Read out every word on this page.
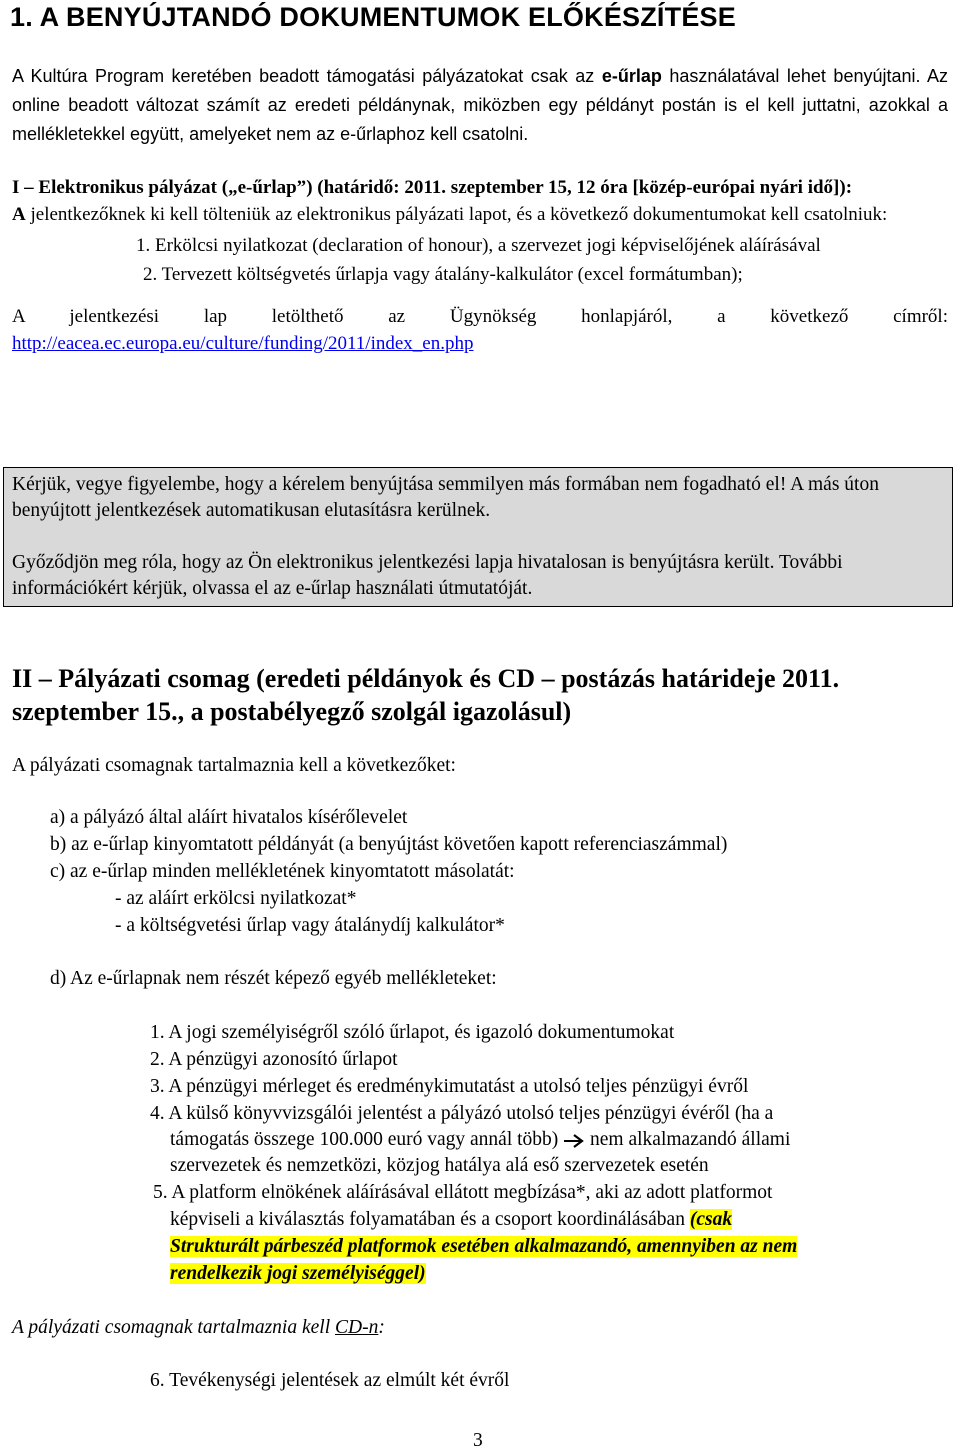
1. A BENYÚJTANDÓ DOKUMENTUMOK ELŐKÉSZÍTÉSE
A Kultúra Program keretében beadott támogatási pályázatokat csak az e-űrlap használatával lehet benyújtani. Az online beadott változat számít az eredeti példánynak, miközben egy példányt postán is el kell juttatni, azokkal a mellékletekkel együtt, amelyeket nem az e-űrlaphoz kell csatolni.
I – Elektronikus pályázat („e-űrlap”) (határidő: 2011. szeptember 15, 12 óra [közép-európai nyári idő]):
A jelentkezőknek ki kell tölteniük az elektronikus pályázati lapot, és a következő dokumentumokat kell csatolniuk:
1. Erkölcsi nyilatkozat (declaration of honour), a szervezet jogi képviselőjének aláírásával
2. Tervezett költségvetés űrlapja vagy átalány-kalkulátor (excel formátumban);
A jelentkezési lap letölthető az Ügynökség honlapjáról, a következő címről:
http://eacea.ec.europa.eu/culture/funding/2011/index_en.php

Kérjük, vegye figyelembe, hogy a kérelem benyújtása semmilyen más formában nem fogadható el! A más úton benyújtott jelentkezések automatikusan elutasításra kerülnek.

Győződjön meg róla, hogy az Ön elektronikus jelentkezési lapja hivatalosan is benyújtásra került. További információkért kérjük, olvassa el az e-űrlap használati útmutatóját.

II – Pályázati csomag (eredeti példányok és CD – postázás határideje 2011. szeptember 15., a postabélyegző szolgál igazolásul)
A pályázati csomagnak tartalmaznia kell a következőket:
a) a pályázó által aláírt hivatalos kísérőlevelet
b) az e-űrlap kinyomtatott példányát (a benyújtást követően kapott referenciaszámmal)
c) az e-űrlap minden mellékletének kinyomtatott másolatát:
- az aláírt erkölcsi nyilatkozat*
- a költségvetési űrlap vagy átalánydíj kalkulátor*
d) Az e-űrlapnak nem részét képező egyéb mellékleteket:
1. A jogi személyiségről szóló űrlapot, és igazoló dokumentumokat
2. A pénzügyi azonosító űrlapot
3. A pénzügyi mérleget és eredménykimutatást a utolsó teljes pénzügyi évről
4. A külső könyvvizsgálói jelentést a pályázó utolsó teljes pénzügyi évéről (ha a
támogatás összege 100.000 euró vagy annál több)  nem alkalmazandó állami
szervezetek és nemzetközi, közjog hatálya alá eső szervezetek esetén
5. A platform elnökének aláírásával ellátott megbízása*, aki az adott platformot
képviseli a kiválasztás folyamatában és a csoport koordinálásában (csak
Strukturált párbeszéd platformok esetében alkalmazandó, amennyiben az nem
rendelkezik jogi személyiséggel)
A pályázati csomagnak tartalmaznia kell CD-n:
6. Tevékenységi jelentések az elmúlt két évről
3
